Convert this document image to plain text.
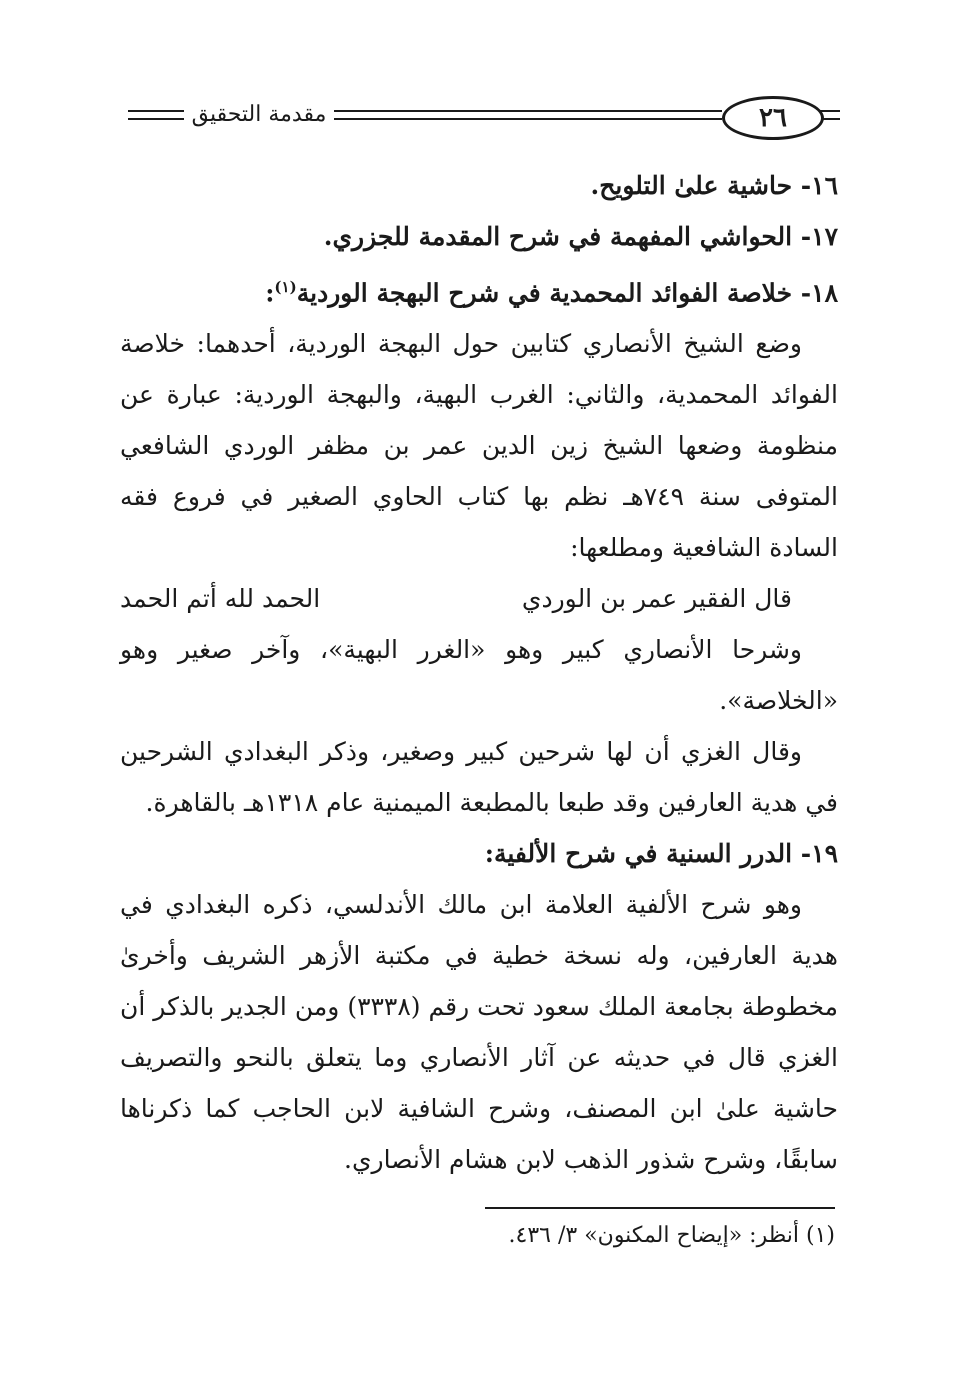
٢٦
مقدمة التحقيق

١٦- حاشية علىٰ التلويح.

١٧- الحواشي المفهمة في شرح المقدمة للجزري.

١٨- خلاصة الفوائد المحمدية في شرح البهجة الوردية$^{(١)}$:

وضع الشيخ الأنصاري كتابين حول البهجة الوردية، أحدهما: خلاصة الفوائد المحمدية، والثاني: الغرب البهية، والبهجة الوردية: عبارة عن منظومة وضعها الشيخ زين الدين عمر بن مظفر الوردي الشافعي المتوفى سنة ٧٤٩هـ نظم بها كتاب الحاوي الصغير في فروع فقه السادة الشافعية ومطلعها:

قال الفقير عمر بن الوردي
الحمد لله أتم الحمد

وشرحا الأنصاري كبير وهو «الغرر البهية»، وآخر صغير وهو «الخلاصة».

وقال الغزي أن لها شرحين كبير وصغير، وذكر البغدادي الشرحين في هدية العارفين وقد طبعا بالمطبعة الميمنية عام ١٣١٨هـ بالقاهرة.

١٩- الدرر السنية في شرح الألفية:

وهو شرح الألفية العلامة ابن مالك الأندلسي، ذكره البغدادي في هدية العارفين، وله نسخة خطية في مكتبة الأزهر الشريف وأخرىٰ مخطوطة بجامعة الملك سعود تحت رقم (٣٣٣٨) ومن الجدير بالذكر أن الغزي قال في حديثه عن آثار الأنصاري وما يتعلق بالنحو والتصريف حاشية علىٰ ابن المصنف، وشرح الشافية لابن الحاجب كما ذكرناها سابقًا، وشرح شذور الذهب لابن هشام الأنصاري.

(١) أنظر: «إيضاح المكنون» ٣/ ٤٣٦.
